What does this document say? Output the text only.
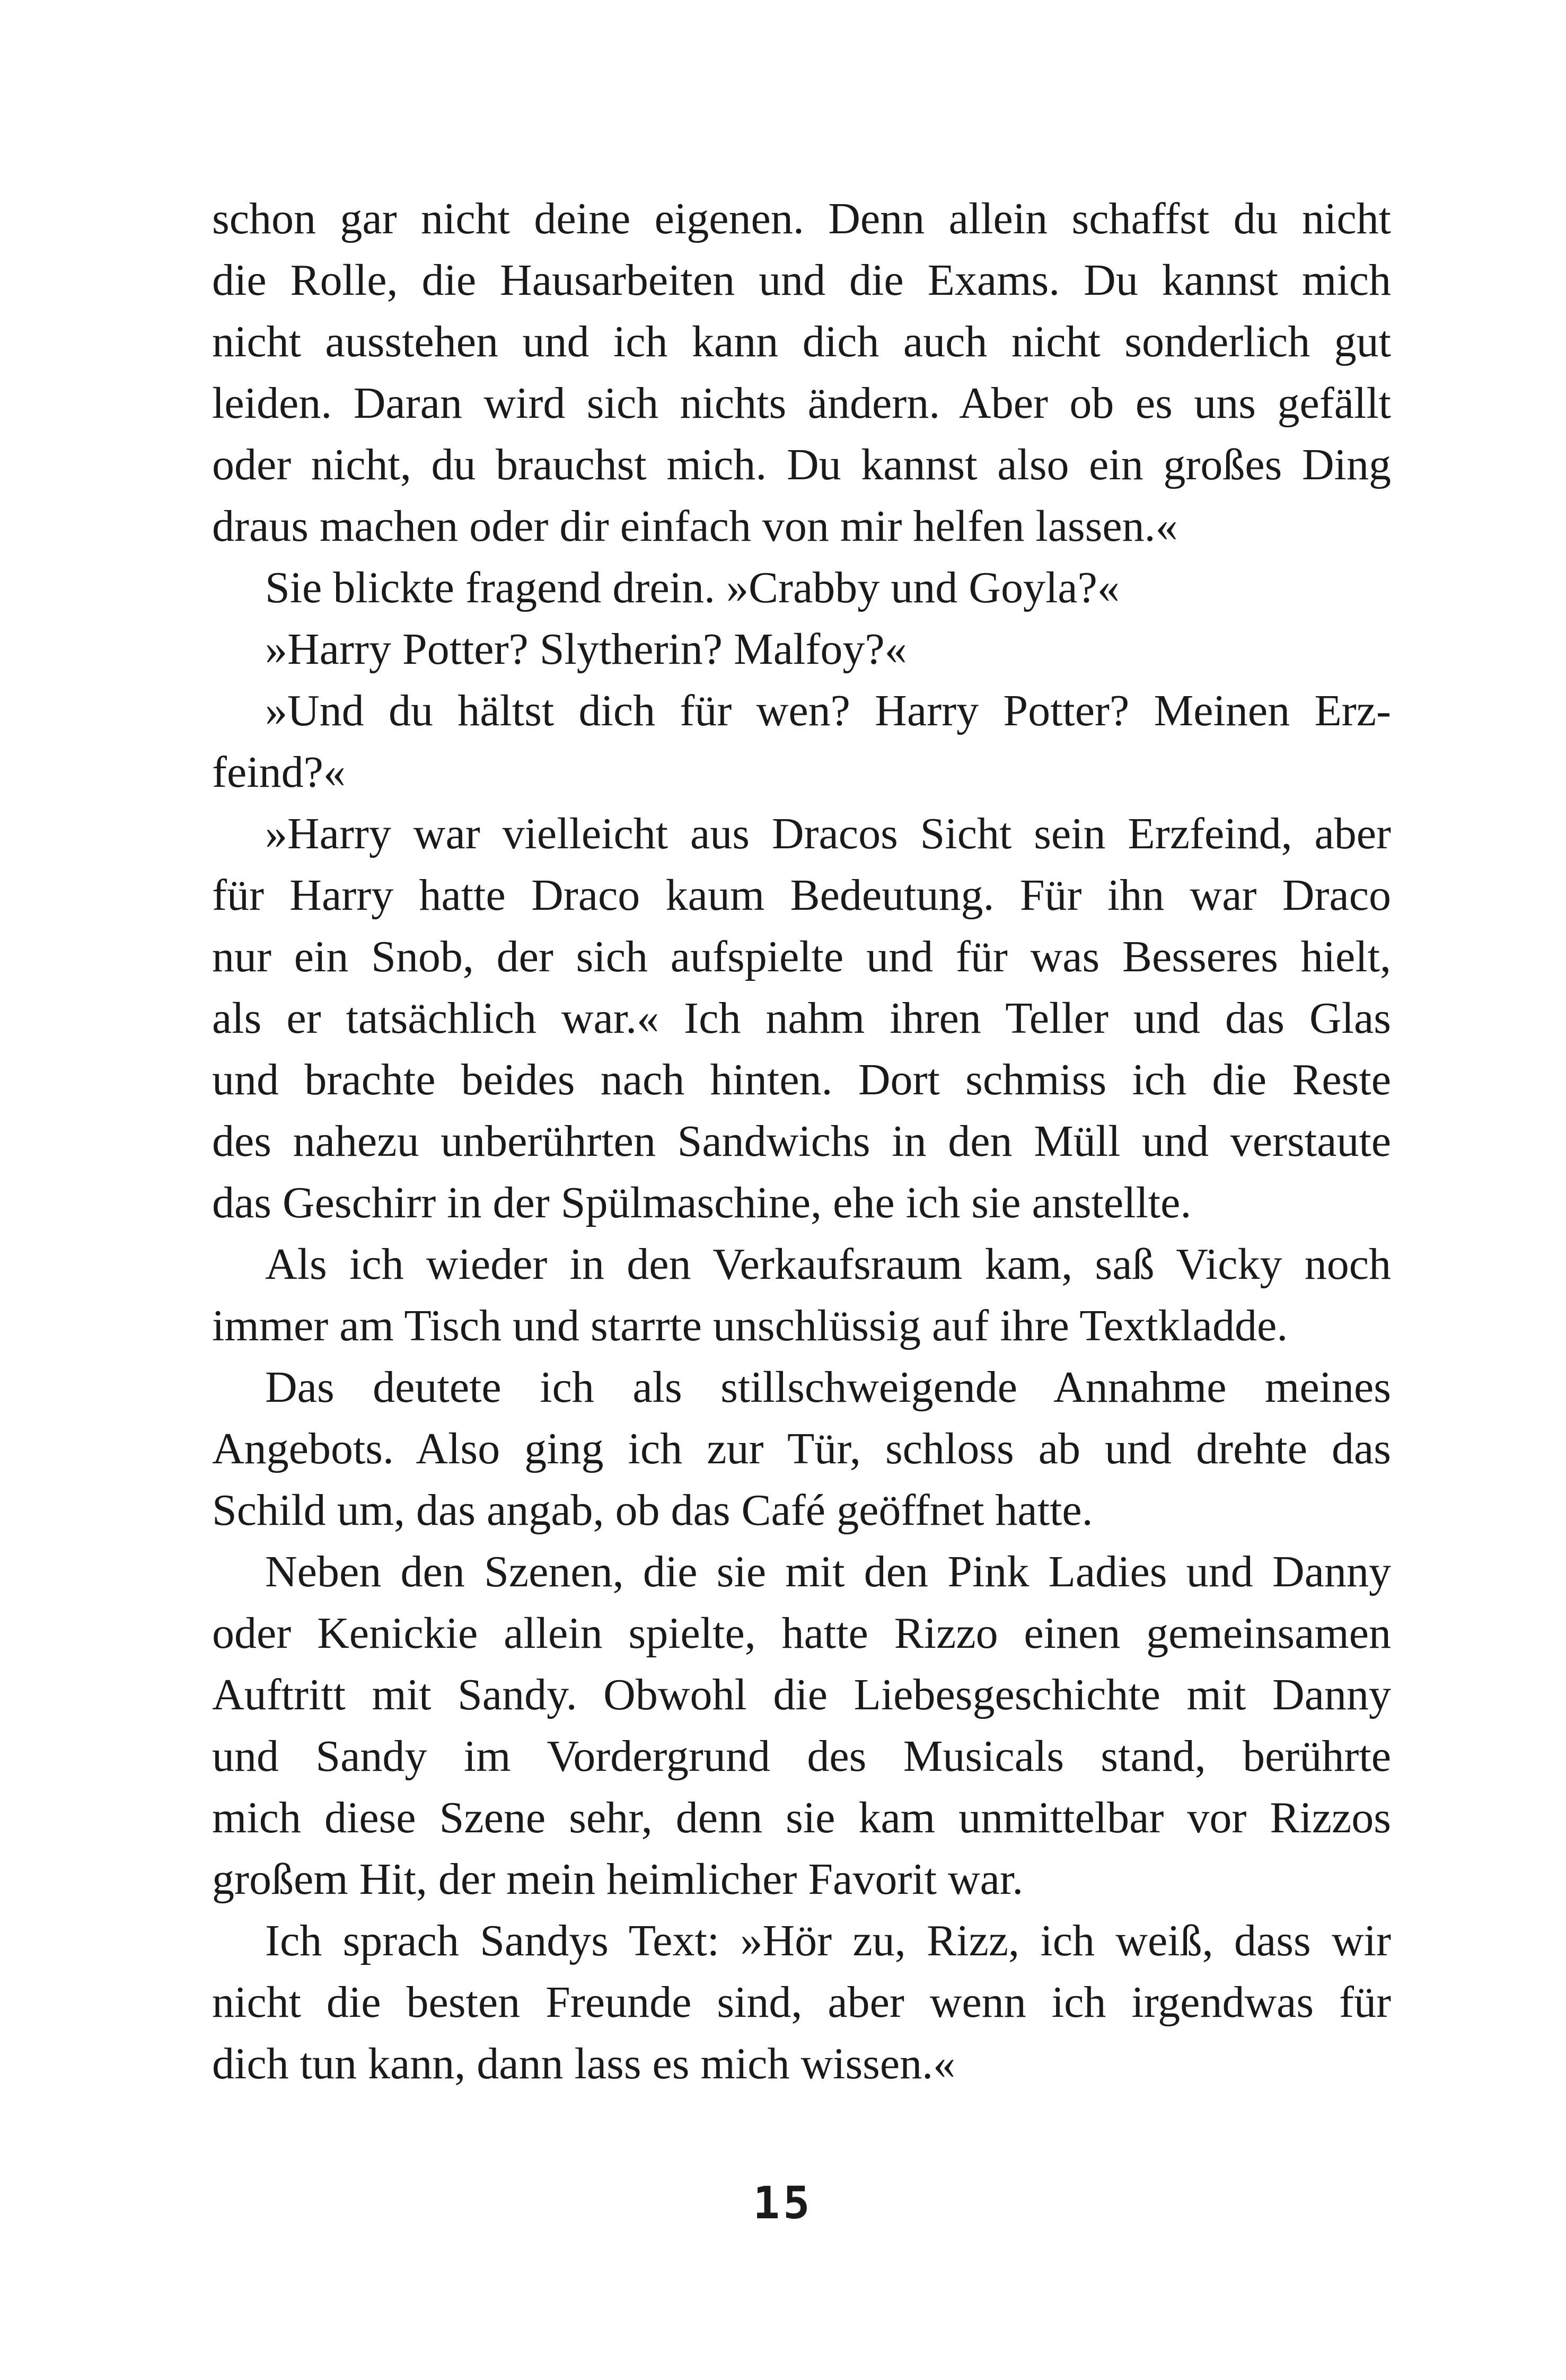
schon gar nicht deine eigenen. Denn allein schaffst du nicht
die Rolle, die Hausarbeiten und die Exams. Du kannst mich
nicht ausstehen und ich kann dich auch nicht sonderlich gut
leiden. Daran wird sich nichts ändern. Aber ob es uns gefällt
oder nicht, du brauchst mich. Du kannst also ein großes Ding
draus machen oder dir einfach von mir helfen lassen.«
Sie blickte fragend drein. »Crabby und Goyla?«
»Harry Potter? Slytherin? Malfoy?«
»Und du hältst dich für wen? Harry Potter? Meinen Erz-
feind?«
»Harry war vielleicht aus Dracos Sicht sein Erzfeind, aber
für Harry hatte Draco kaum Bedeutung. Für ihn war Draco
nur ein Snob, der sich aufspielte und für was Besseres hielt,
als er tatsächlich war.« Ich nahm ihren Teller und das Glas
und brachte beides nach hinten. Dort schmiss ich die Reste
des nahezu unberührten Sandwichs in den Müll und verstaute
das Geschirr in der Spülmaschine, ehe ich sie anstellte.
Als ich wieder in den Verkaufsraum kam, saß Vicky noch
immer am Tisch und starrte unschlüssig auf ihre Textkladde.
Das deutete ich als stillschweigende Annahme meines
Angebots. Also ging ich zur Tür, schloss ab und drehte das
Schild um, das angab, ob das Café geöffnet hatte.
Neben den Szenen, die sie mit den Pink Ladies und Danny
oder Kenickie allein spielte, hatte Rizzo einen gemeinsamen
Auftritt mit Sandy. Obwohl die Liebesgeschichte mit Danny
und Sandy im Vordergrund des Musicals stand, berührte
mich diese Szene sehr, denn sie kam unmittelbar vor Rizzos
großem Hit, der mein heimlicher Favorit war.
Ich sprach Sandys Text: »Hör zu, Rizz, ich weiß, dass wir
nicht die besten Freunde sind, aber wenn ich irgendwas für
dich tun kann, dann lass es mich wissen.«
15
